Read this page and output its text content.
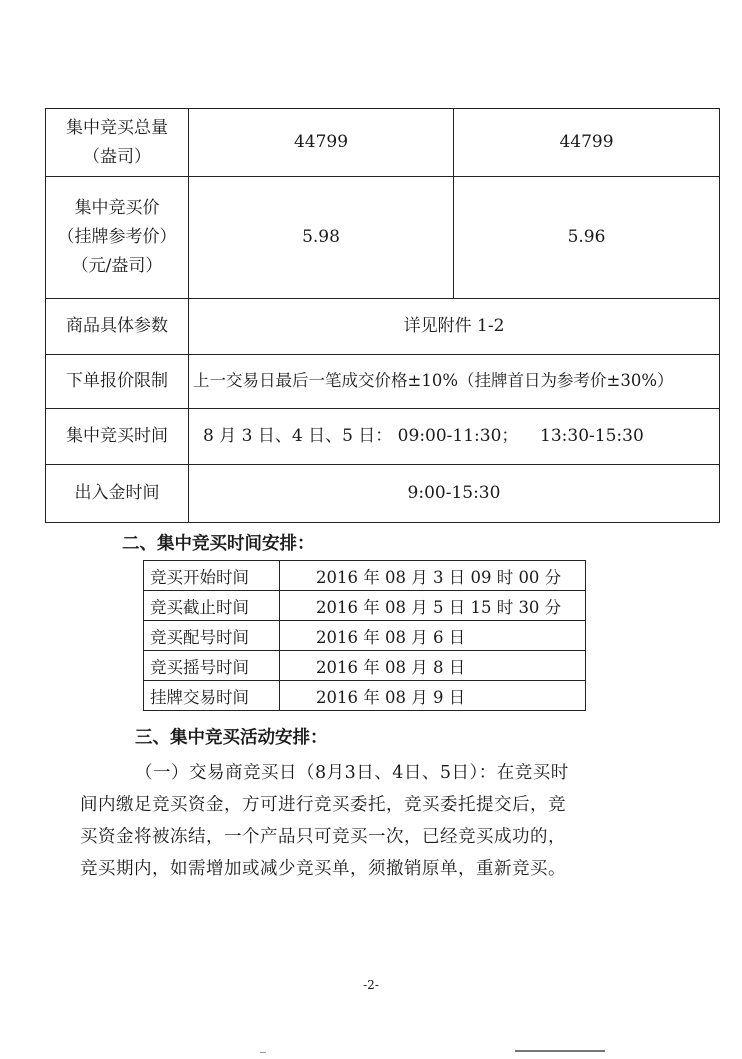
集中竞买总量
（盎司）	44799	44799

集中竞买价
（挂牌参考价）
（元/盎司）	5.98	5.96
商品具体参数	详见附件 1-2	
下单报价限制	上一交易日最后一笔成交价格±10%（挂牌首日为参考价±30%）	
集中竞买时间	8 月 3 日、4 日、5 日： 09:00-11:30；    13:30-15:30	
出入金时间	9:00-15:30	
二、集中竞买时间安排：
竞买开始时间	2016 年 08 月 3 日 09 时 00 分
竞买截止时间	2016 年 08 月 5 日 15 时 30 分
竞买配号时间	2016 年 08 月 6 日
竞买摇号时间	2016 年 08 月 8 日
挂牌交易时间	2016 年 08 月 9 日
三、集中竞买活动安排：

（一）交易商竞买日（8月3日、4日、5日）：在竞买时

间内缴足竞买资金，方可进行竞买委托，竞买委托提交后，竞

买资金将被冻结，一个产品只可竞买一次，已经竞买成功的，

竞买期内，如需增加或减少竞买单，须撤销原单，重新竞买。

-2-
